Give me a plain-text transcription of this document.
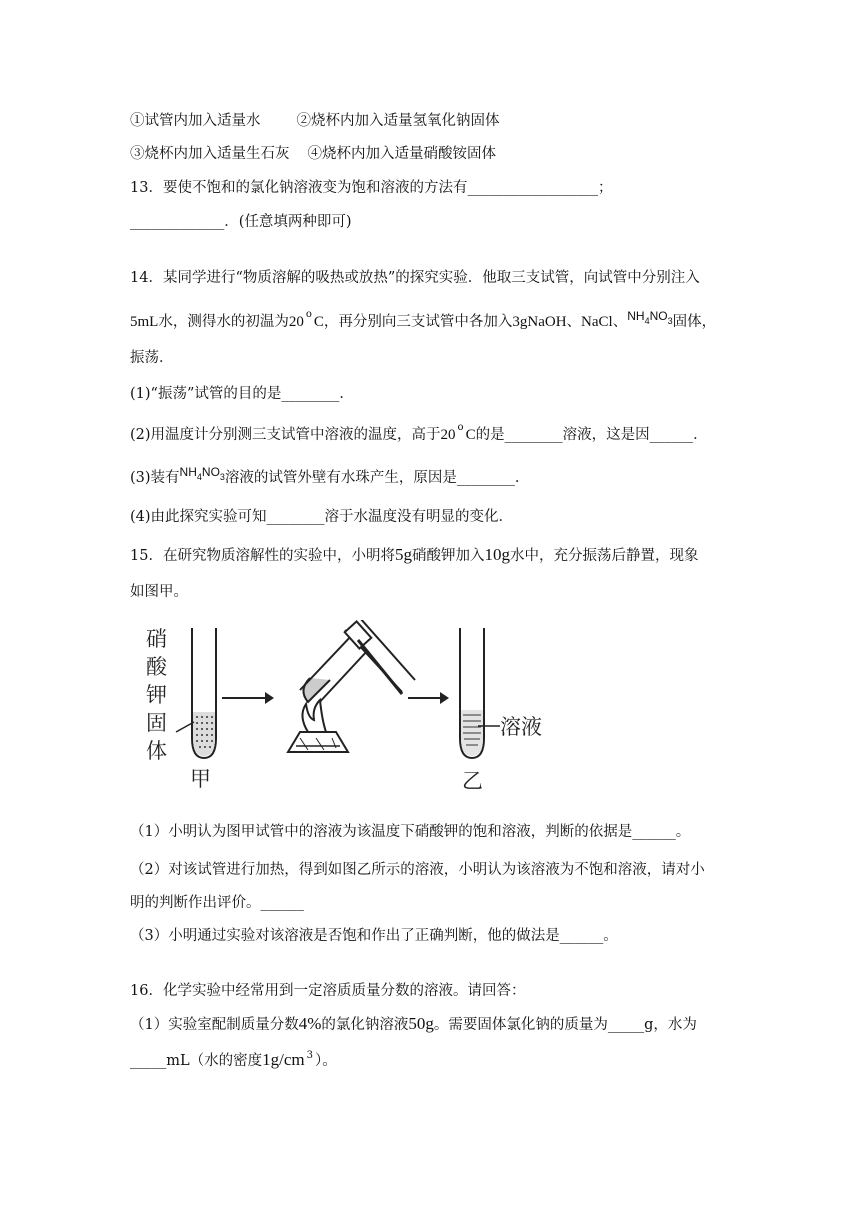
①试管内加入适量水 ②烧杯内加入适量氢氧化钠固体
③烧杯内加入适量生石灰 ④烧杯内加入适量硝酸铵固体
13．要使不饱和的氯化钠溶液变为饱和溶液的方法有__________________；
_____________．(任意填两种即可)
14．某同学进行“物质溶解的吸热或放热”的探究实验．他取三支试管，向试管中分别注入
5mL水，测得水的初温为20 $^o$ C，再分别向三支试管中各加入3gNaOH、NaCl、$^{NH_4NO_3}$固体，
振荡．
(1)“振荡”试管的目的是________．
(2)用温度计分别测三支试管中溶液的温度，高于20 $^o$ C的是________溶液，这是因______．
(3)装有$^{NH_4NO_3}$溶液的试管外壁有水珠产生，原因是________．
(4)由此探究实验可知________溶于水温度没有明显的变化．
15．在研究物质溶解性的实验中，小明将5g硝酸钾加入10g水中，充分振荡后静置，现象
如图甲。
硝
酸
钾
固
体
甲
溶液
乙
（1）小明认为图甲试管中的溶液为该温度下硝酸钾的饱和溶液，判断的依据是______。
（2）对该试管进行加热，得到如图乙所示的溶液，小明认为该溶液为不饱和溶液，请对小
明的判断作出评价。______
（3）小明通过实验对该溶液是否饱和作出了正确判断，他的做法是______。
16．化学实验中经常用到一定溶质质量分数的溶液。请回答：
（1）实验室配制质量分数4%的氯化钠溶液50g。需要固体氯化钠的质量为_____g，水为
_____mL（水的密度1g/cm $^3$ ）。
